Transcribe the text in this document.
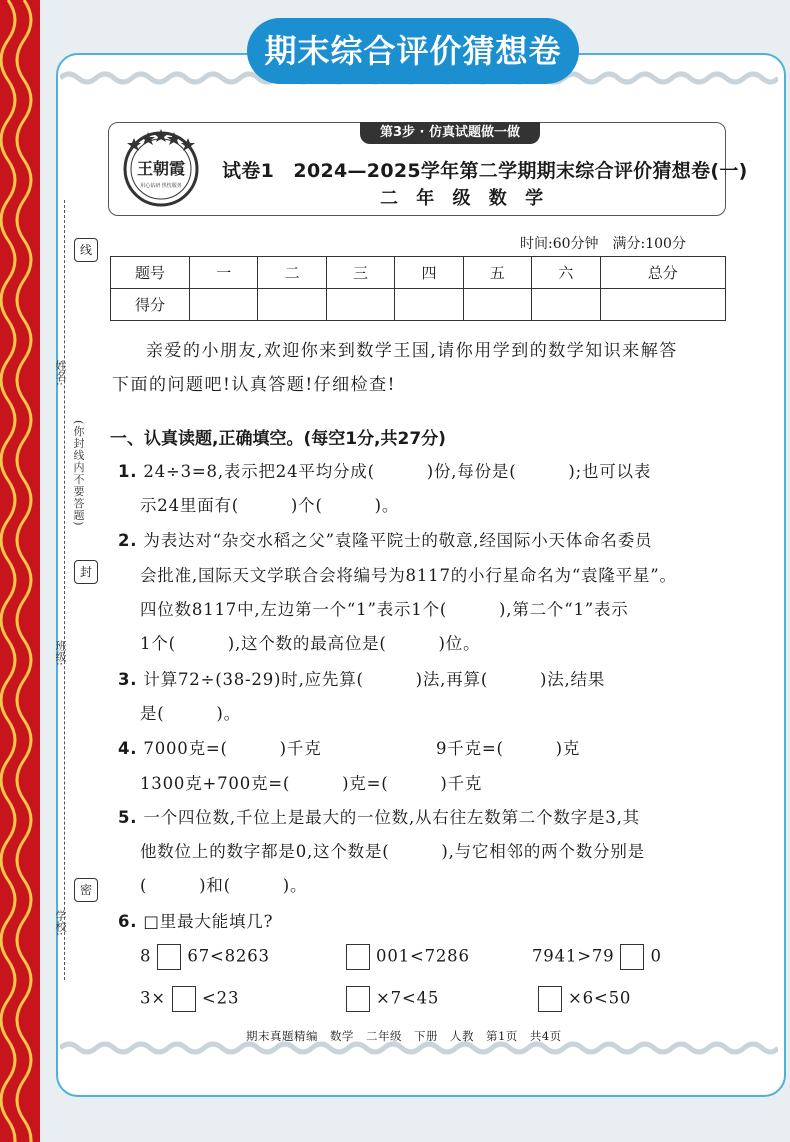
期末综合评价猜想卷
线
姓名:
(你封线内不要答题)
封
班级:
密
学校:
第3步 · 仿真试题做一做
王朝霞
用心钻研 热忱服务
试卷1　2024—2025学年第二学期期末综合评价猜想卷(一)
二 年 级 数 学
时间:60分钟　满分:100分
题号	一	二	三	四	五	六	总分
得分							
亲爱的小朋友,欢迎你来到数学王国,请你用学到的数学知识来解答
下面的问题吧!认真答题!仔细检查!
一、认真读题,正确填空。(每空1分,共27分)
1. 24÷3=8,表示把24平均分成(　　　)份,每份是(　　　);也可以表
示24里面有(　　　)个(　　　)。
2. 为表达对“杂交水稻之父”袁隆平院士的敬意,经国际小天体命名委员
会批准,国际天文学联合会将编号为8117的小行星命名为“袁隆平星”。
四位数8117中,左边第一个“1”表示1个(　　　),第二个“1”表示
1个(　　　),这个数的最高位是(　　　)位。
3. 计算72÷(38-29)时,应先算(　　　)法,再算(　　　)法,结果
是(　　　)。
4. 7000克=(　　　)千克	9千克=(　　　)克
1300克+700克=(　　　)克=(　　　)千克
5. 一个四位数,千位上是最大的一位数,从右往左数第二个数字是3,其
他数位上的数字都是0,这个数是(　　　),与它相邻的两个数分别是
(　　　)和(　　　)。
6. □里最大能填几?
8 67<8263	001<7286	7941>79 0
3× <23	×7<45	×6<50
期末真题精编　数学　二年级　下册　人教　第1页　共4页
